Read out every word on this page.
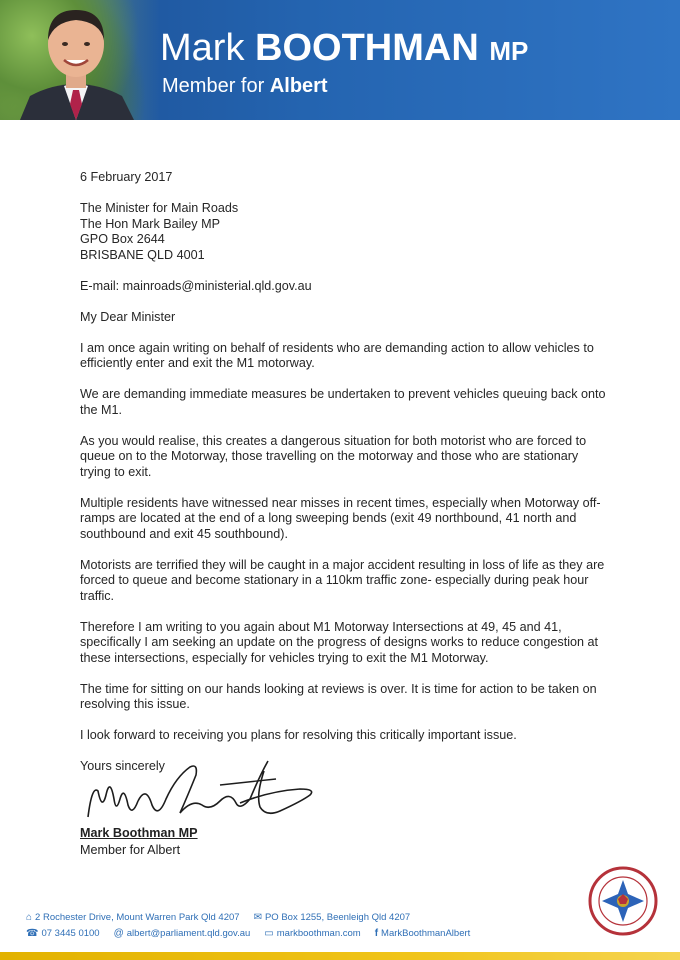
Mark BOOTHMAN MP
Member for Albert

6 February 2017

The Minister for Main Roads
The Hon Mark Bailey MP
GPO Box 2644
BRISBANE QLD 4001

E-mail: mainroads@ministerial.qld.gov.au

My Dear Minister

I am once again writing on behalf of residents who are demanding action to allow vehicles to efficiently enter and exit the M1 motorway.

We are demanding immediate measures be undertaken to prevent vehicles queuing back onto the M1.

As you would realise, this creates a dangerous situation for both motorist who are forced to queue on to the Motorway, those travelling on the motorway and those who are stationary trying to exit.

Multiple residents have witnessed near misses in recent times, especially when Motorway off-ramps are located at the end of a long sweeping bends (exit 49 northbound, 41 north and southbound and exit 45 southbound).

Motorists are terrified they will be caught in a major accident resulting in loss of life as they are forced to queue and become stationary in a 110km traffic zone- especially during peak hour traffic.

Therefore I am writing to you again about M1 Motorway Intersections at 49, 45 and 41, specifically I am seeking an update on the progress of designs works to reduce congestion at these intersections, especially for vehicles trying to exit the M1 Motorway.

The time for sitting on our hands looking at reviews is over. It is time for action to be taken on resolving this issue.

I look forward to receiving you plans for resolving this critically important issue.

Yours sincerely

Mark Boothman MP
Member for Albert
⌂ 2 Rochester Drive, Mount Warren Park Qld 4207 ✉ PO Box 1255, Beenleigh Qld 4207
☎ 07 3445 0100 @ albert@parliament.qld.gov.au ▭ markboothman.com f MarkBoothmanAlbert
